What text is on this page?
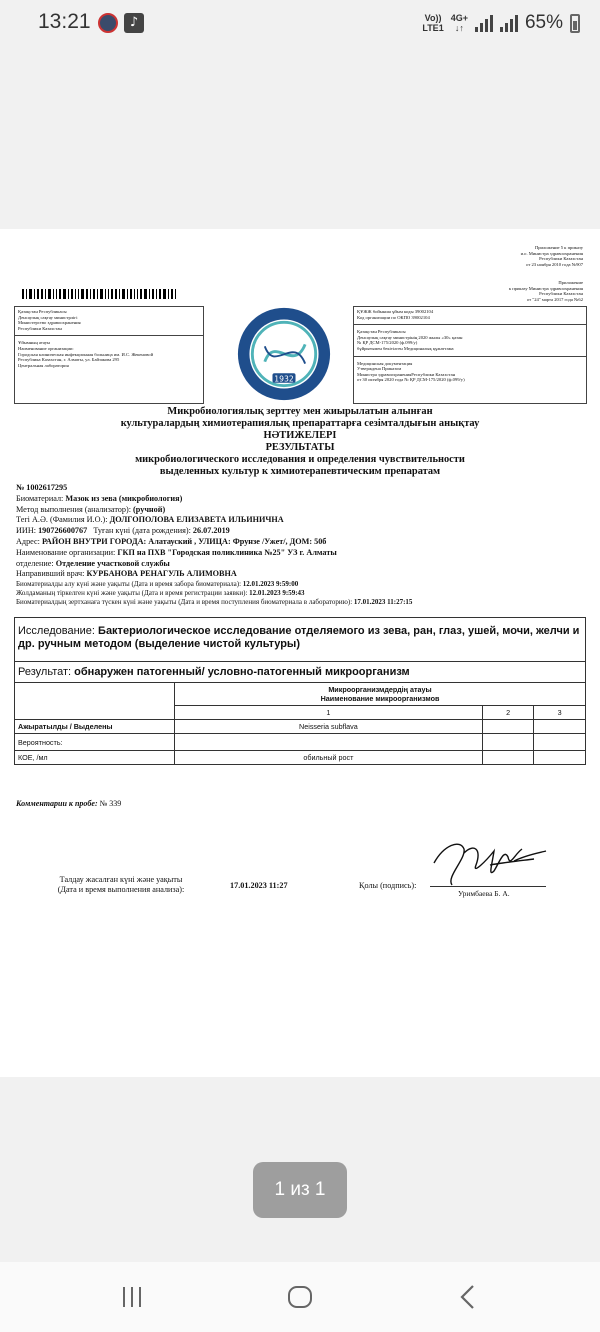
13:21	♪	Vo))
LTE1
4G+
↓↑	65%
Приложение 5 к приказу
и.о. Министра здравоохранения
Республики Казахстан
от 23 ноября 2010 года №907
Приложение
к приказу Министра здравоохранения
Республики Казахстан
от "24" марта 2017 года №62
Қазақстан Республикасы
Денсаулық сақтау министрлігі
Министерство здравоохранения
Республики Казахстан
Ұйымның атауы
Наименование организации:
Городская клиническая инфекционная больница им. И.С. Жекеновой
Республика Казахстан, г. Алматы, ул. Байзакова 295
Центральная лаборатория
1932
ҚҰЖЖ бойынша ұйым коды 39002104
Код организации по ОКПО 39002104
Қазақстан Республикасы
Денсаулық сақтау министрінің 2020 жылы «30» қазан
№ ҚР ДСМ-175/2020 (ф.099/у)
бұйрығымен бекітілген Медициналық құжаттама
Медицинская документация
Утверждена Приказом
Министра здравоохраненияРеспублики Казахстан
от 30 октября 2020 года № ҚР ДСМ-175/2020 (ф.099/у)
Микробиологиялық зерттеу мен жиырылатын алынған
культуралардың химиотерапиялық препараттарға сезімталдығын анықтау
НӘТИЖЕЛЕРІ
РЕЗУЛЬТАТЫ
микробиологического исследования и определения чувствительности
выделенных культур к химиотерапевтическим препаратам
№ 1002617295
Биоматериал: Мазок из зева (микробиология)
Метод выполнения (анализатор): (ручной)
Тегі А.Ә. (Фамилия И.О.): ДОЛГОПОЛОВА ЕЛИЗАВЕТА ИЛЬИНИЧНА
ИИН: 190726600767 Туған күні (дата рождения): 26.07.2019
Адрес: РАЙОН ВНУТРИ ГОРОДА: Алатауский , УЛИЦА: Фрунзе /Ужет/, ДОМ: 50б
Наименование организации: ГКП на ПХВ "Городская поликлиника №25" УЗ г. Алматы
отделение: Отделение участковой службы
Направивший врач: КУРБАНОВА РЕНАГУЛЬ АЛИМОВНА
Биоматериалды алу күні және уақыты (Дата и время забора биоматериала): 12.01.2023 9:59:00
Жолдаманың тіркелген күні және уақыты (Дата и время регистрации заявки): 12.01.2023 9:59:43
Биоматериалдың зертханаға түскен күні және уақыты (Дата и время поступления биоматериала в лабораторию): 17.01.2023 11:27:15
Исследование: Бактериологическое исследование отделяемого из зева, ран, глаз, ушей, мочи, желчи и др. ручным методом (выделение чистой культуры)			
Результат: обнаружен патогенный/ условно-патогенный микроорганизм			

	Микроорганизмдердің атауы
Наименование микроорганизмов		

	1	2	3
Ажыратылды / Выделены	Neisseria subflava		
Вероятность:			
КОЕ, /мл	обильный рост		
Комментарии к пробе: № 339
Талдау жасалған күні және уақыты
(Дата и время выполнения анализа):	17.01.2023 11:27	Қолы (подпись):
Уримбаева Б. А.
1 из 1
